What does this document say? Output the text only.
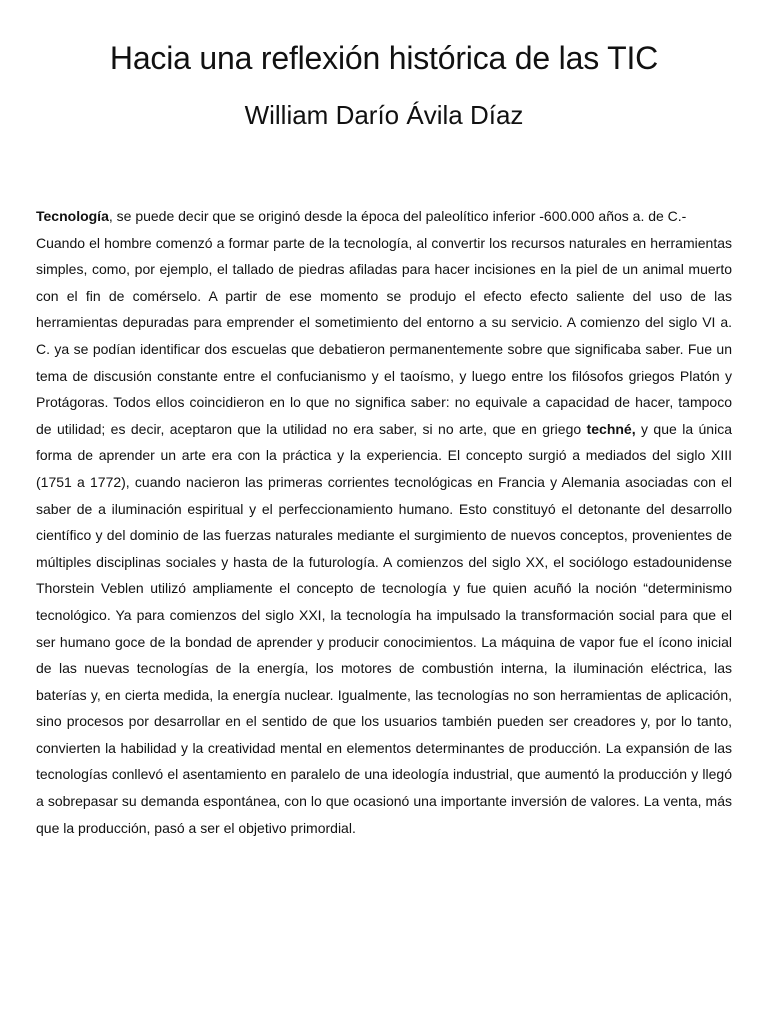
Hacia una reflexión histórica de las TIC
William Darío Ávila Díaz

Tecnología, se puede decir que se originó desde la época del paleolítico inferior -600.000 años a. de C.-

Cuando el hombre comenzó a formar parte de la tecnología, al convertir los recursos naturales en herramientas simples, como, por ejemplo, el tallado de piedras afiladas para hacer incisiones en la piel de un animal muerto con el fin de comérselo. A partir de ese momento se produjo el efecto efecto saliente del uso de las herramientas depuradas para emprender el sometimiento del entorno a su servicio. A comienzo del siglo VI a. C. ya se podían identificar dos escuelas que debatieron permanentemente sobre que significaba saber. Fue un tema de discusión constante entre el confucianismo y el taoísmo, y luego entre los filósofos griegos Platón y Protágoras. Todos ellos coincidieron en lo que no significa saber: no equivale a capacidad de hacer, tampoco de utilidad; es decir, aceptaron que la utilidad no era saber, si no arte, que en griego techné, y que la única forma de aprender un arte era con la práctica y la experiencia. El concepto surgió a mediados del siglo XIII (1751 a 1772), cuando nacieron las primeras corrientes tecnológicas en Francia y Alemania asociadas con el saber de a iluminación espiritual y el perfeccionamiento humano. Esto constituyó el detonante del desarrollo científico y del dominio de las fuerzas naturales mediante el surgimiento de nuevos conceptos, provenientes de múltiples disciplinas sociales y hasta de la futurología. A comienzos del siglo XX, el sociólogo estadounidense Thorstein Veblen utilizó ampliamente el concepto de tecnología y fue quien acuñó la noción “determinismo tecnológico. Ya para comienzos del siglo XXI, la tecnología ha impulsado la transformación social para que el ser humano goce de la bondad de aprender y producir conocimientos. La máquina de vapor fue el ícono inicial de las nuevas tecnologías de la energía, los motores de combustión interna, la iluminación eléctrica, las baterías y, en cierta medida, la energía nuclear. Igualmente, las tecnologías no son herramientas de aplicación, sino procesos por desarrollar en el sentido de que los usuarios también pueden ser creadores y, por lo tanto, convierten la habilidad y la creatividad mental en elementos determinantes de producción. La expansión de las tecnologías conllevó el asentamiento en paralelo de una ideología industrial, que aumentó la producción y llegó a sobrepasar su demanda espontánea, con lo que ocasionó una importante inversión de valores. La venta, más que la producción, pasó a ser el objetivo primordial.
